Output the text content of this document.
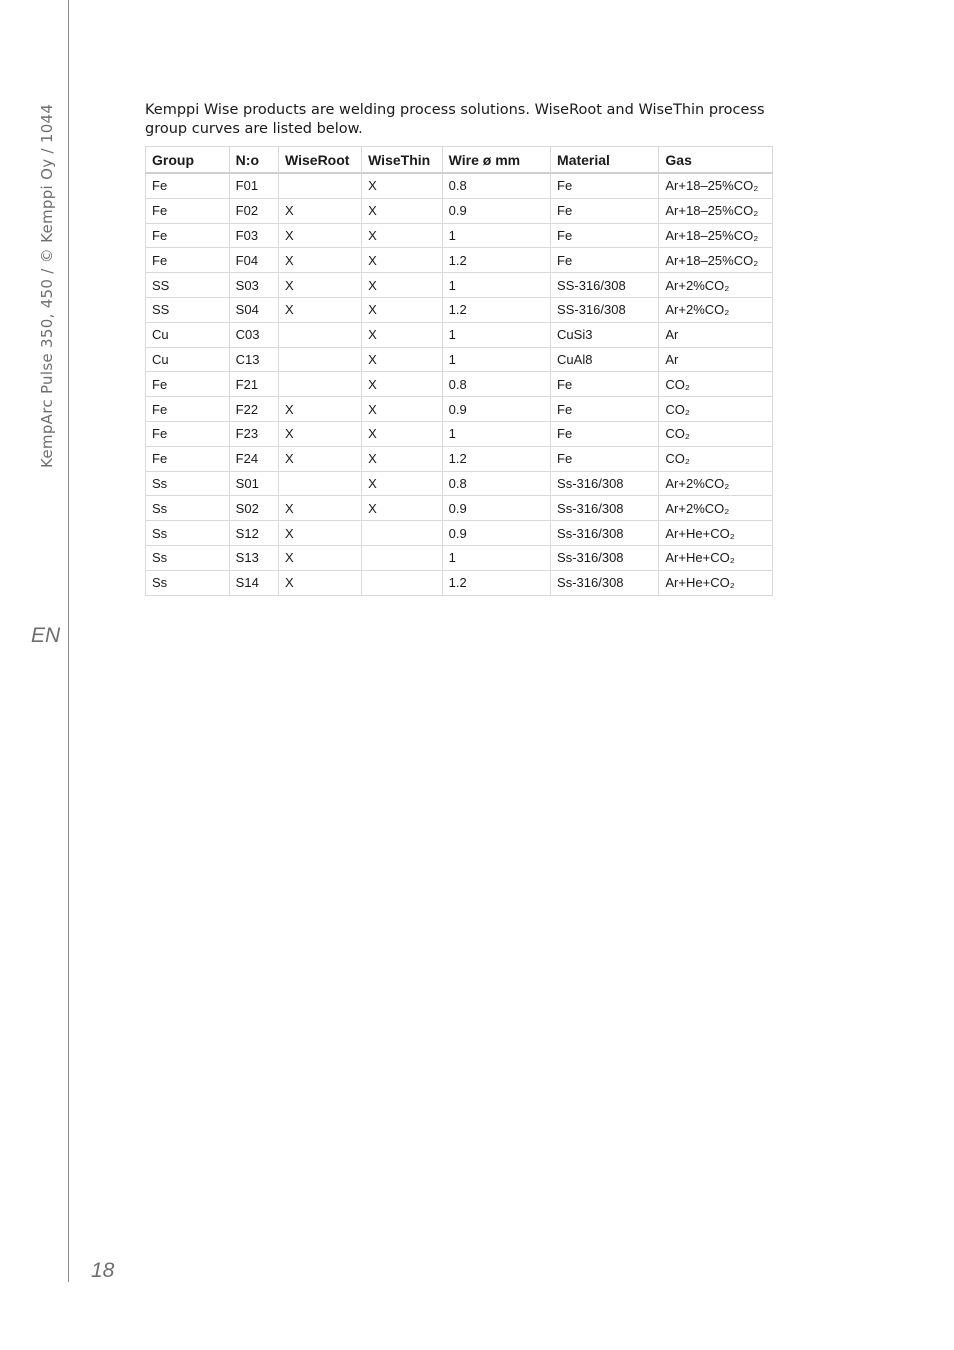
KempArc Pulse 350, 450 / © Kemppi Oy / 1044
EN
18

Kemppi Wise products are welding process solutions. WiseRoot and WiseThin process group curves are listed below.

Group	N:o	WiseRoot	WiseThin	Wire ø mm	Material	Gas
Fe	F01		X	0.8	Fe	Ar+18–25%CO₂
Fe	F02	X	X	0.9	Fe	Ar+18–25%CO₂
Fe	F03	X	X	1	Fe	Ar+18–25%CO₂
Fe	F04	X	X	1.2	Fe	Ar+18–25%CO₂
SS	S03	X	X	1	SS-316/308	Ar+2%CO₂
SS	S04	X	X	1.2	SS-316/308	Ar+2%CO₂
Cu	C03		X	1	CuSi3	Ar
Cu	C13		X	1	CuAl8	Ar
Fe	F21		X	0.8	Fe	CO₂
Fe	F22	X	X	0.9	Fe	CO₂
Fe	F23	X	X	1	Fe	CO₂
Fe	F24	X	X	1.2	Fe	CO₂
Ss	S01		X	0.8	Ss-316/308	Ar+2%CO₂
Ss	S02	X	X	0.9	Ss-316/308	Ar+2%CO₂
Ss	S12	X		0.9	Ss-316/308	Ar+He+CO₂
Ss	S13	X		1	Ss-316/308	Ar+He+CO₂
Ss	S14	X		1.2	Ss-316/308	Ar+He+CO₂
